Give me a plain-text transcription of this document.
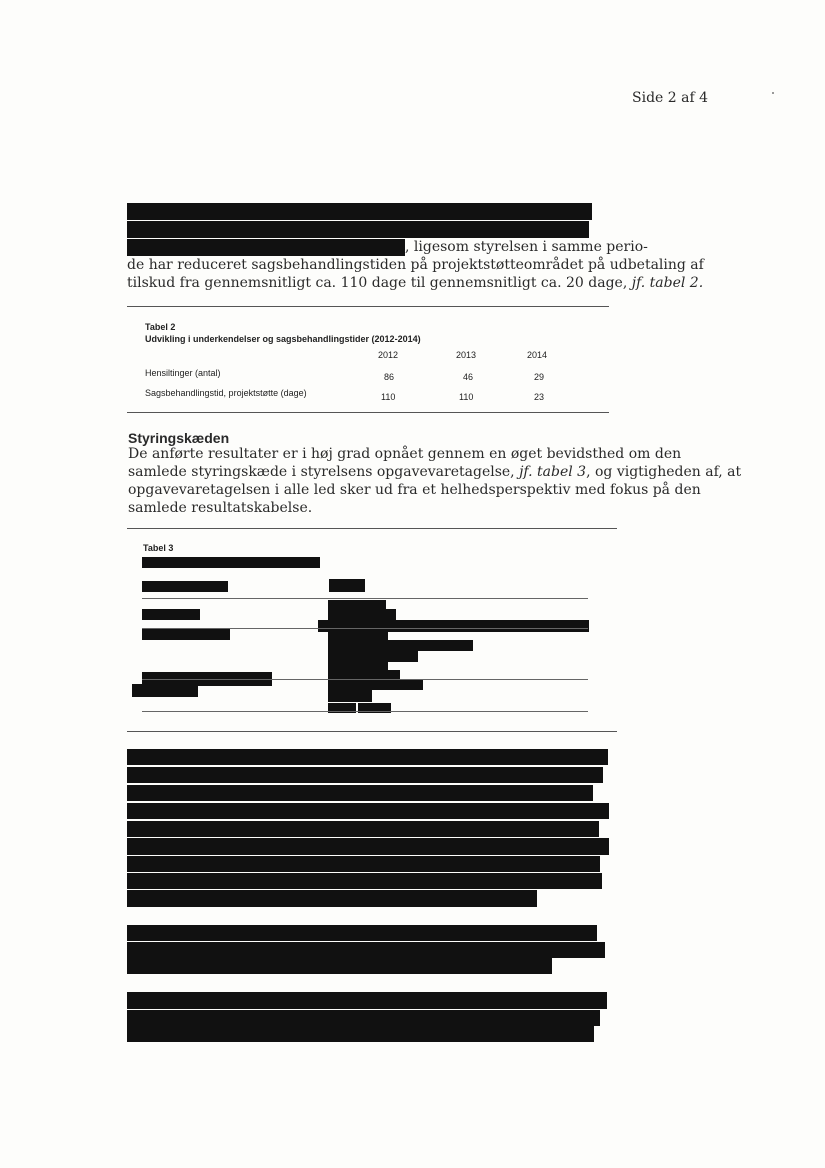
Side 2 af 4
, ligesom styrelsen i samme perio-
de har reduceret sagsbehandlingstiden på projektstøtteområdet på udbetaling af
tilskud fra gennemsnitligt ca. 110 dage til gennemsnitligt ca. 20 dage, jf. tabel 2.
Tabel 2
Udvikling i underkendelser og sagsbehandlingstider (2012-2014)
2012	2013	2014
Hensiltinger (antal)	86	46	29
Sagsbehandlingstid, projektstøtte (dage)	110	110	23
Styringskæden
De anførte resultater er i høj grad opnået gennem en øget bevidsthed om den
samlede styringskæde i styrelsens opgavevaretagelse, jf. tabel 3, og vigtigheden af, at
opgavevaretagelsen i alle led sker ud fra et helhedsperspektiv med fokus på den
samlede resultatskabelse.
Tabel 3
